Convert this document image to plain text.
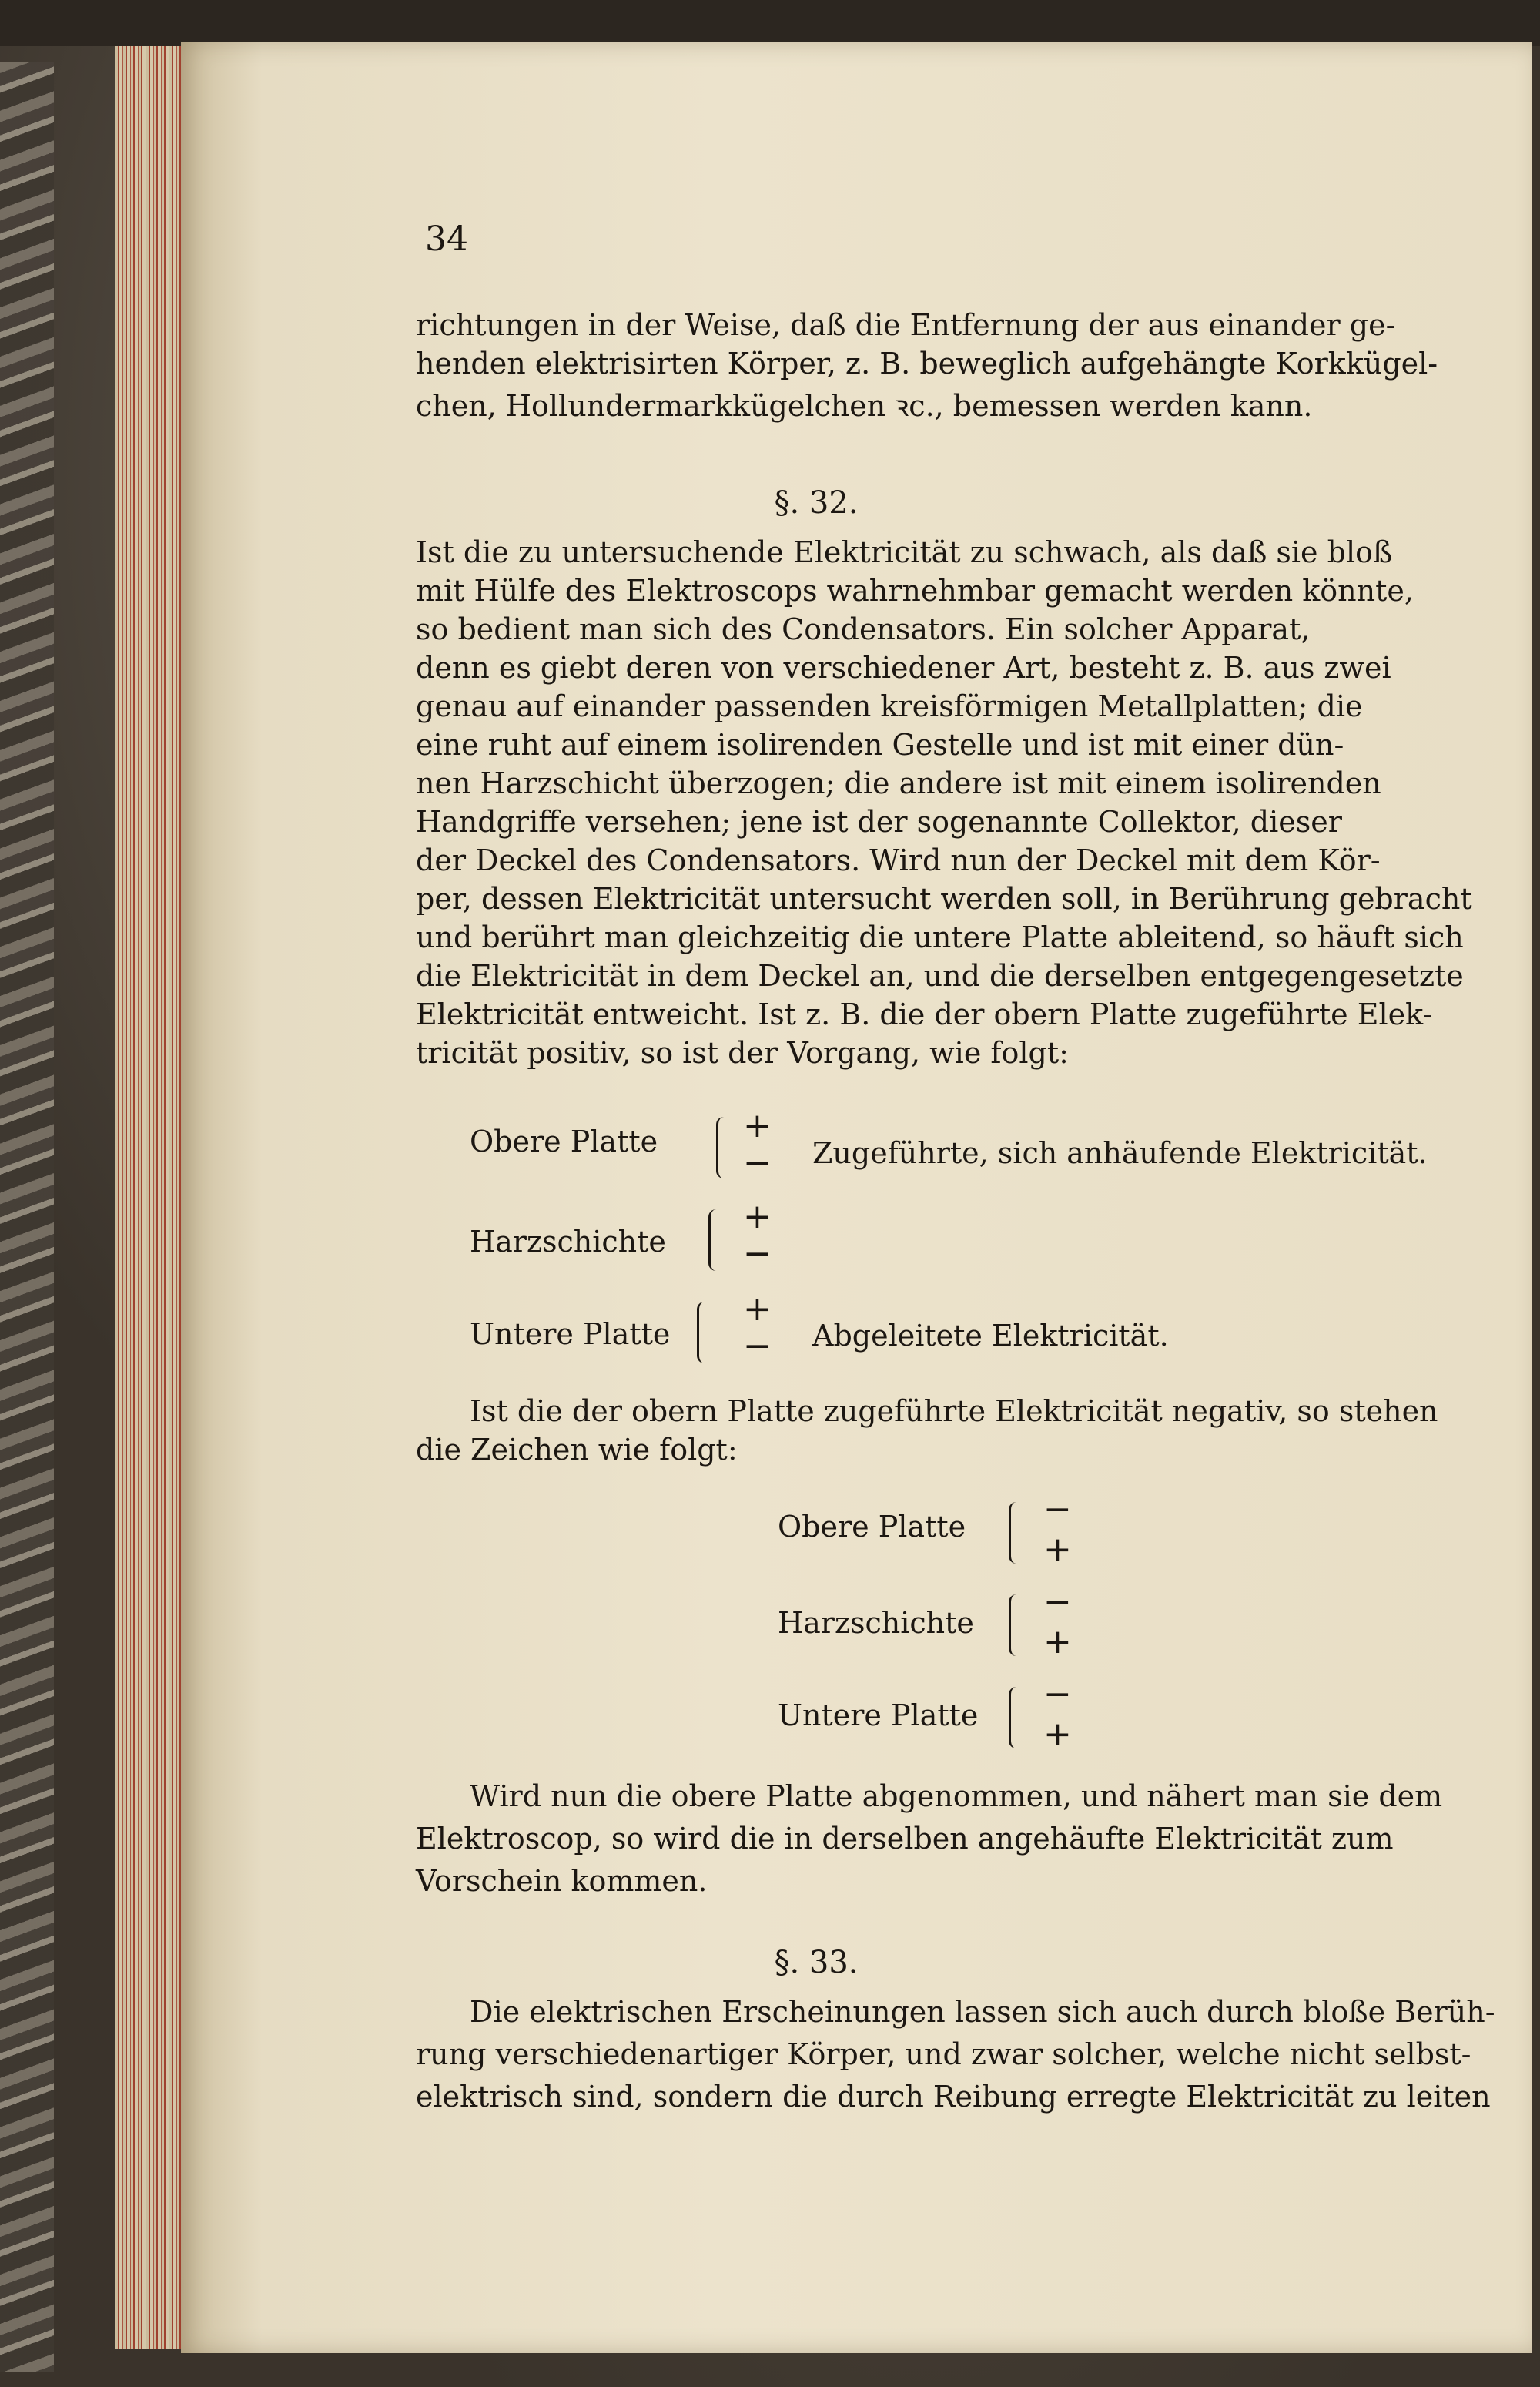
34
richtungen in der Weise, daß die Entfernung der aus einander ge-
henden elektrisirten Körper, z. B. beweglich aufgehängte Korkkügel-
chen, Hollundermarkkügelchen ꝛc., bemessen werden kann.
§. 32.
Ist die zu untersuchende Elektricität zu schwach, als daß sie bloß
mit Hülfe des Elektroscops wahrnehmbar gemacht werden könnte,
so bedient man sich des Condensators. Ein solcher Apparat,
denn es giebt deren von verschiedener Art, besteht z. B. aus zwei
genau auf einander passenden kreisförmigen Metallplatten; die
eine ruht auf einem isolirenden Gestelle und ist mit einer dün-
nen Harzschicht überzogen; die andere ist mit einem isolirenden
Handgriffe versehen; jene ist der sogenannte Collektor, dieser
der Deckel des Condensators. Wird nun der Deckel mit dem Kör-
per, dessen Elektricität untersucht werden soll, in Berührung gebracht
und berührt man gleichzeitig die untere Platte ableitend, so häuft sich
die Elektricität in dem Deckel an, und die derselben entgegengesetzte
Elektricität entweicht. Ist z. B. die der obern Platte zugeführte Elek-
tricität positiv, so ist der Vorgang, wie folgt:
Obere Platte	+
− Zugeführte, sich anhäufende Elektricität.
Harzschichte
+
−
Untere Platte
+
− Abgeleitete Elektricität.
Ist die der obern Platte zugeführte Elektricität negativ, so stehen
die Zeichen wie folgt:
Obere Platte −
+
Harzschichte
−
+
Untere Platte
−
+
Wird nun die obere Platte abgenommen, und nähert man sie dem
Elektroscop, so wird die in derselben angehäufte Elektricität zum
Vorschein kommen.
§. 33.
Die elektrischen Erscheinungen lassen sich auch durch bloße Berüh-
rung verschiedenartiger Körper, und zwar solcher, welche nicht selbst-
elektrisch sind, sondern die durch Reibung erregte Elektricität zu leiten
